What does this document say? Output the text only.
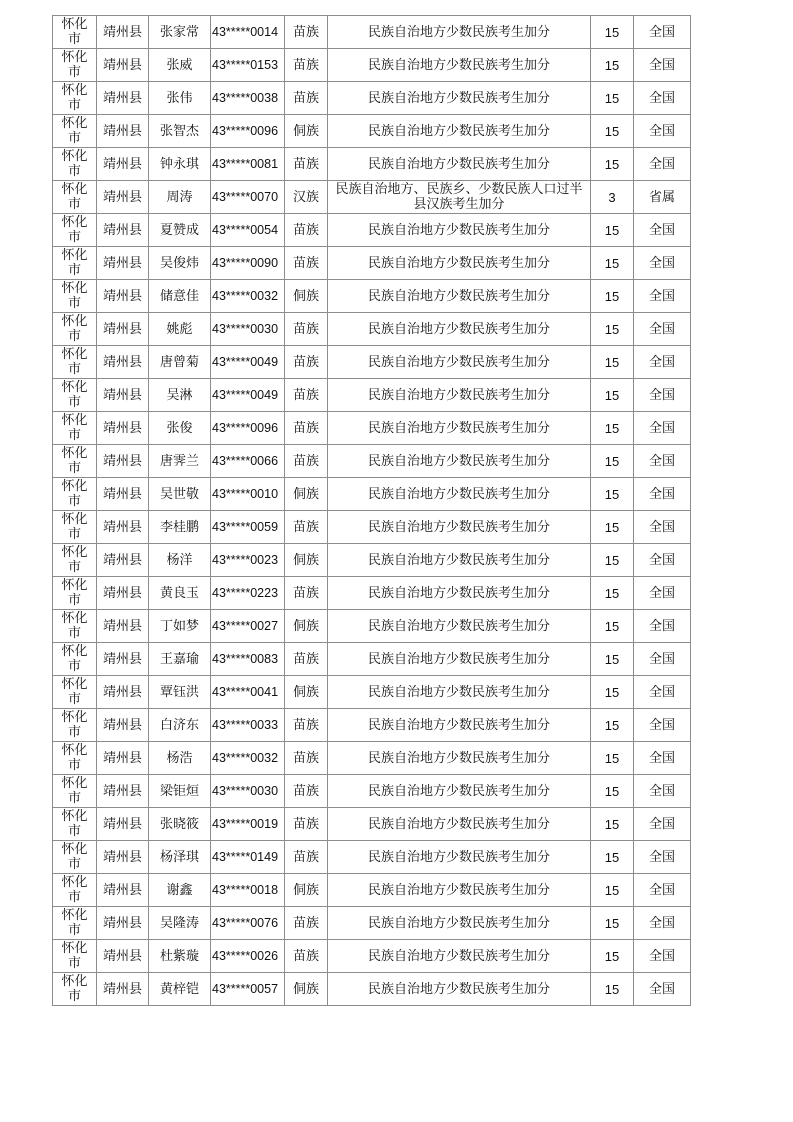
怀化市	靖州县	张家常	43*****0014	苗族	民族自治地方少数民族考生加分	15	全国
怀化市	靖州县	张威	43*****0153	苗族	民族自治地方少数民族考生加分	15	全国
怀化市	靖州县	张伟	43*****0038	苗族	民族自治地方少数民族考生加分	15	全国
怀化市	靖州县	张智杰	43*****0096	侗族	民族自治地方少数民族考生加分	15	全国
怀化市	靖州县	钟永琪	43*****0081	苗族	民族自治地方少数民族考生加分	15	全国
怀化市	靖州县	周涛	43*****0070	汉族	民族自治地方、民族乡、少数民族人口过半县汉族考生加分	3	省属
怀化市	靖州县	夏赞成	43*****0054	苗族	民族自治地方少数民族考生加分	15	全国
怀化市	靖州县	吴俊炜	43*****0090	苗族	民族自治地方少数民族考生加分	15	全国
怀化市	靖州县	储意佳	43*****0032	侗族	民族自治地方少数民族考生加分	15	全国
怀化市	靖州县	姚彪	43*****0030	苗族	民族自治地方少数民族考生加分	15	全国
怀化市	靖州县	唐曾菊	43*****0049	苗族	民族自治地方少数民族考生加分	15	全国
怀化市	靖州县	吴淋	43*****0049	苗族	民族自治地方少数民族考生加分	15	全国
怀化市	靖州县	张俊	43*****0096	苗族	民族自治地方少数民族考生加分	15	全国
怀化市	靖州县	唐霁兰	43*****0066	苗族	民族自治地方少数民族考生加分	15	全国
怀化市	靖州县	吴世敬	43*****0010	侗族	民族自治地方少数民族考生加分	15	全国
怀化市	靖州县	李桂鹏	43*****0059	苗族	民族自治地方少数民族考生加分	15	全国
怀化市	靖州县	杨洋	43*****0023	侗族	民族自治地方少数民族考生加分	15	全国
怀化市	靖州县	黄良玉	43*****0223	苗族	民族自治地方少数民族考生加分	15	全国
怀化市	靖州县	丁如梦	43*****0027	侗族	民族自治地方少数民族考生加分	15	全国
怀化市	靖州县	王嘉瑜	43*****0083	苗族	民族自治地方少数民族考生加分	15	全国
怀化市	靖州县	覃钰洪	43*****0041	侗族	民族自治地方少数民族考生加分	15	全国
怀化市	靖州县	白济东	43*****0033	苗族	民族自治地方少数民族考生加分	15	全国
怀化市	靖州县	杨浩	43*****0032	苗族	民族自治地方少数民族考生加分	15	全国
怀化市	靖州县	梁钜烜	43*****0030	苗族	民族自治地方少数民族考生加分	15	全国
怀化市	靖州县	张晓筱	43*****0019	苗族	民族自治地方少数民族考生加分	15	全国
怀化市	靖州县	杨泽琪	43*****0149	苗族	民族自治地方少数民族考生加分	15	全国
怀化市	靖州县	谢鑫	43*****0018	侗族	民族自治地方少数民族考生加分	15	全国
怀化市	靖州县	吴隆涛	43*****0076	苗族	民族自治地方少数民族考生加分	15	全国
怀化市	靖州县	杜紫璇	43*****0026	苗族	民族自治地方少数民族考生加分	15	全国
怀化市	靖州县	黄梓铠	43*****0057	侗族	民族自治地方少数民族考生加分	15	全国
